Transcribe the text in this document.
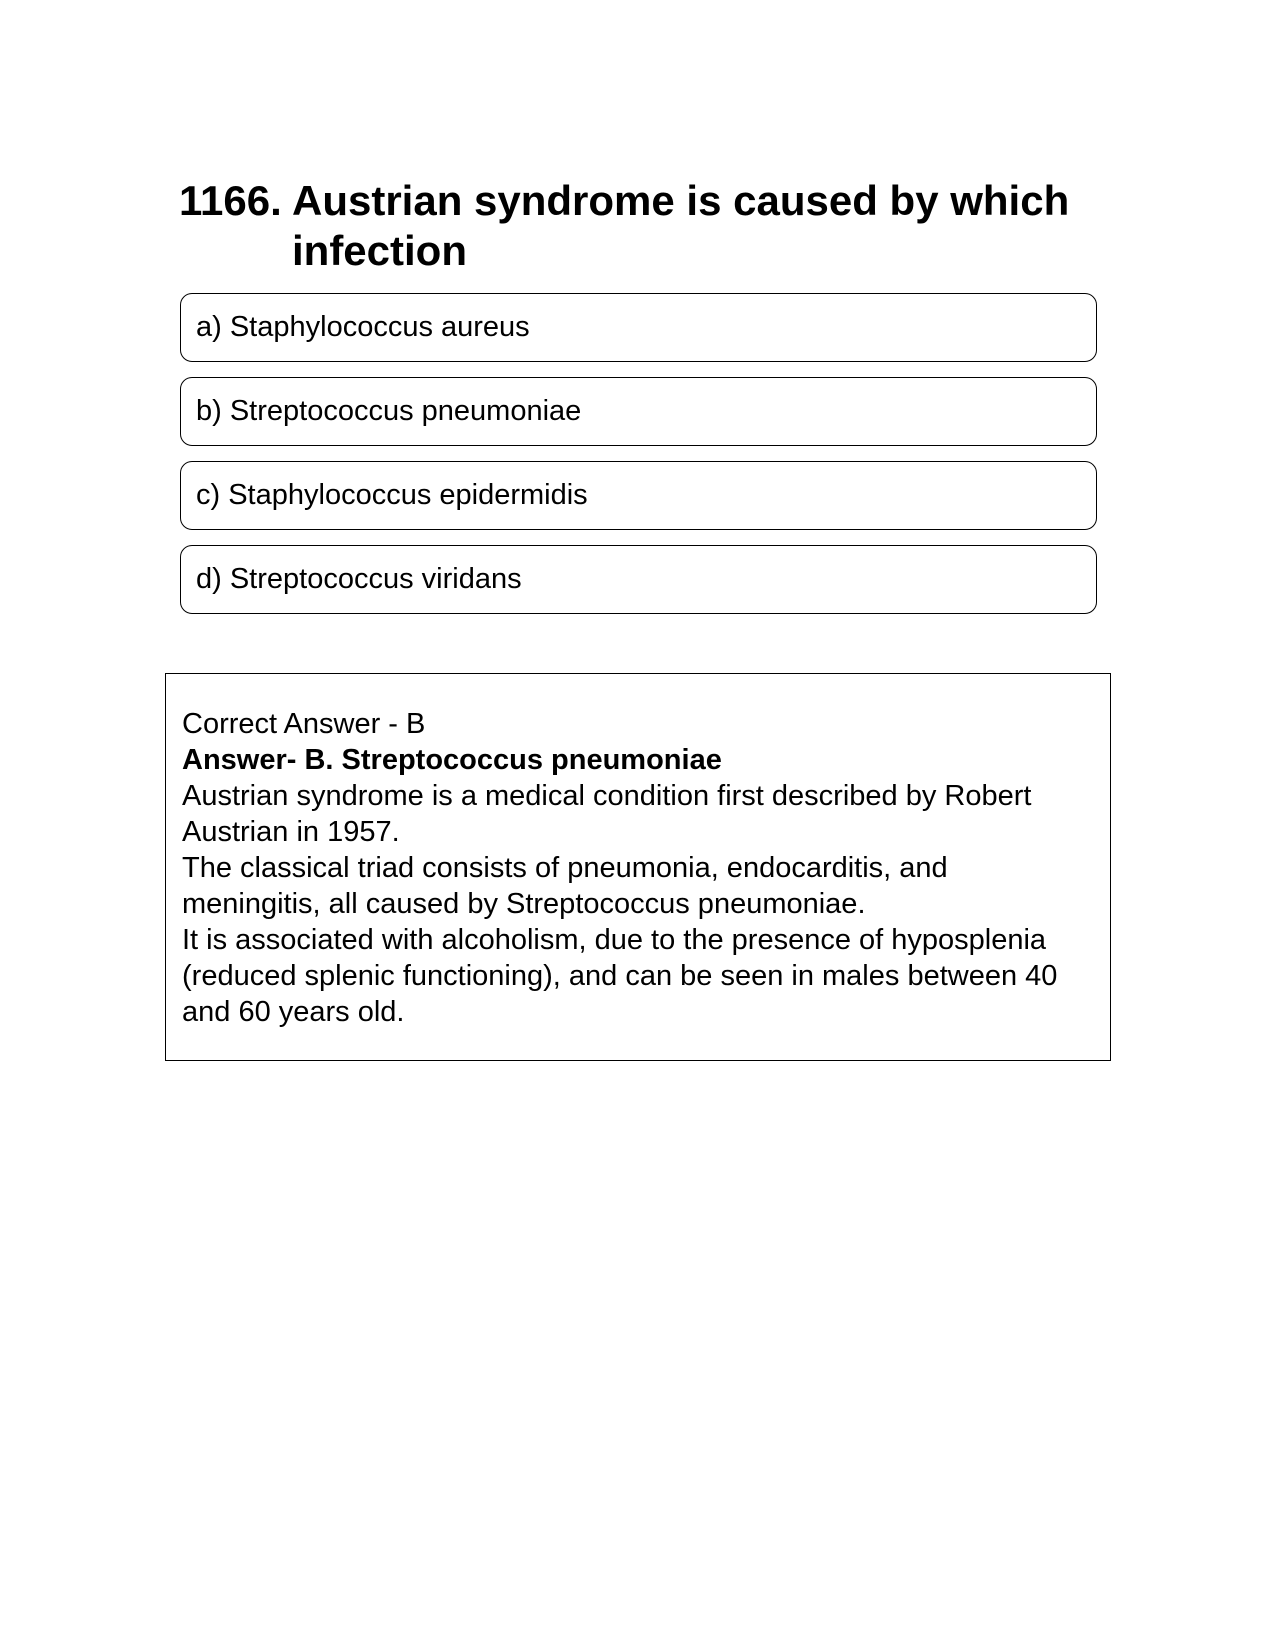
1166. Austrian syndrome is caused by which infection
a) Staphylococcus aureus
b) Streptococcus pneumoniae
c) Staphylococcus epidermidis
d) Streptococcus viridans

Correct Answer - B

Answer- B. Streptococcus pneumoniae

Austrian syndrome is a medical condition first described by Robert Austrian in 1957.

The classical triad consists of pneumonia, endocarditis, and meningitis, all caused by Streptococcus pneumoniae.

It is associated with alcoholism, due to the presence of hyposplenia (reduced splenic functioning), and can be seen in males between 40 and 60 years old.
